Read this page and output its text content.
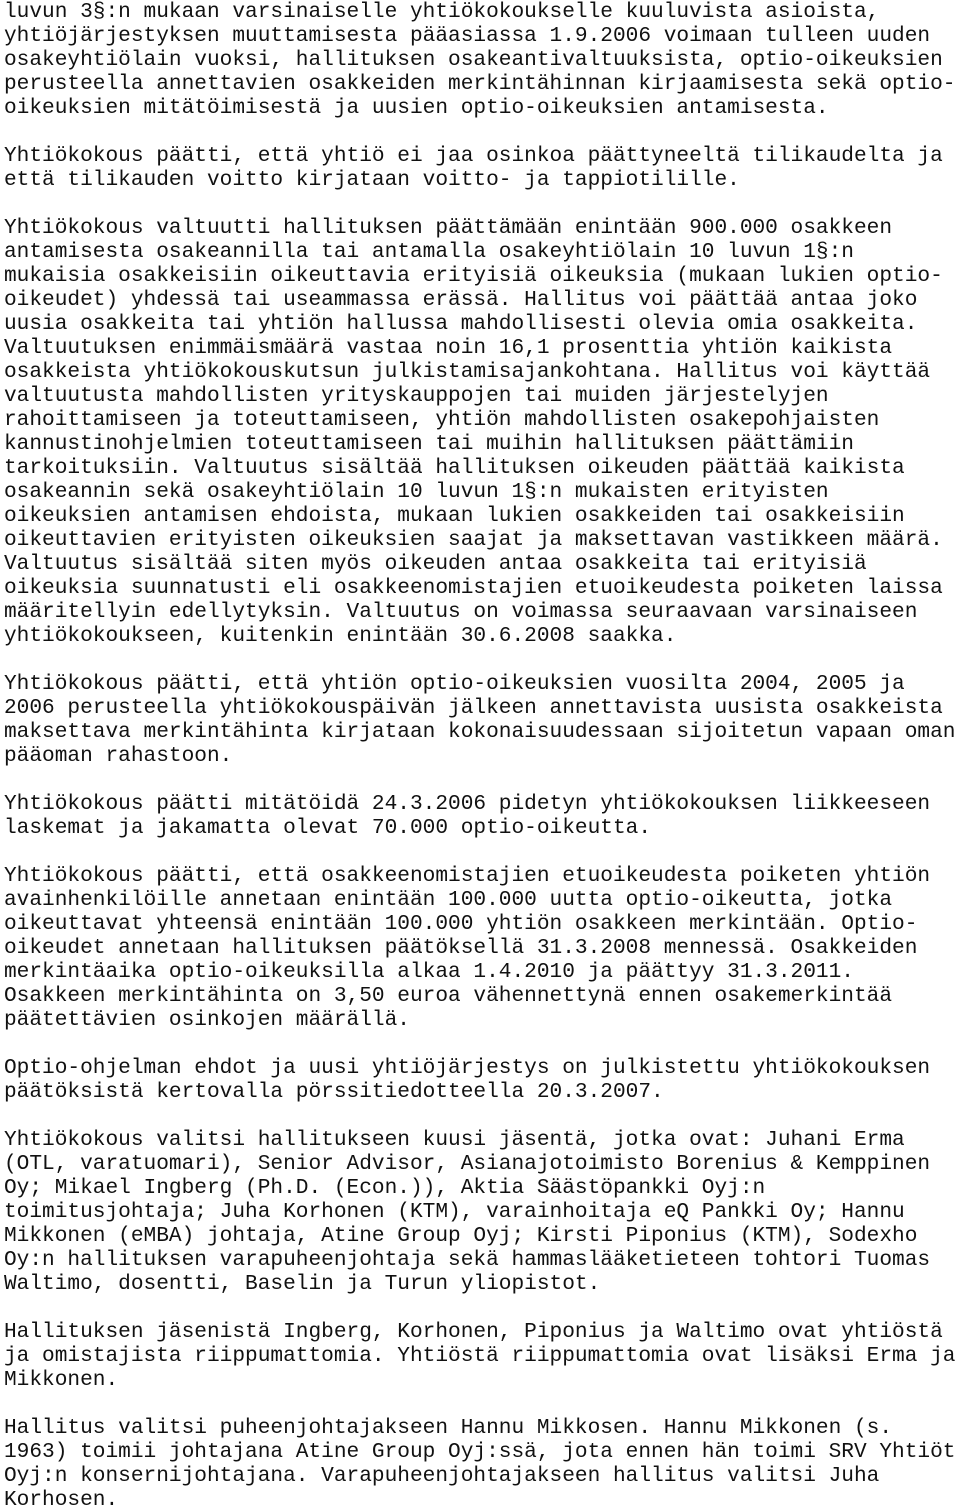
luvun 3§:n mukaan varsinaiselle yhtiökokoukselle kuuluvista asioista,
yhtiöjärjestyksen muuttamisesta pääasiassa 1.9.2006 voimaan tulleen uuden
osakeyhtiölain vuoksi, hallituksen osakeantivaltuuksista, optio-oikeuksien
perusteella annettavien osakkeiden merkintähinnan kirjaamisesta sekä optio-
oikeuksien mitätöimisestä ja uusien optio-oikeuksien antamisesta.
Yhtiökokous päätti, että yhtiö ei jaa osinkoa päättyneeltä tilikaudelta ja
että tilikauden voitto kirjataan voitto- ja tappiotilille.
Yhtiökokous valtuutti hallituksen päättämään enintään 900.000 osakkeen
antamisesta osakeannilla tai antamalla osakeyhtiölain 10 luvun 1§:n
mukaisia osakkeisiin oikeuttavia erityisiä oikeuksia (mukaan lukien optio-
oikeudet) yhdessä tai useammassa erässä. Hallitus voi päättää antaa joko
uusia osakkeita tai yhtiön hallussa mahdollisesti olevia omia osakkeita.
Valtuutuksen enimmäismäärä vastaa noin 16,1 prosenttia yhtiön kaikista
osakkeista yhtiökokouskutsun julkistamisajankohtana. Hallitus voi käyttää
valtuutusta mahdollisten yrityskauppojen tai muiden järjestelyjen
rahoittamiseen ja toteuttamiseen, yhtiön mahdollisten osakepohjaisten
kannustinohjelmien toteuttamiseen tai muihin hallituksen päättämiin
tarkoituksiin. Valtuutus sisältää hallituksen oikeuden päättää kaikista
osakeannin sekä osakeyhtiölain 10 luvun 1§:n mukaisten erityisten
oikeuksien antamisen ehdoista, mukaan lukien osakkeiden tai osakkeisiin
oikeuttavien erityisten oikeuksien saajat ja maksettavan vastikkeen määrä.
Valtuutus sisältää siten myös oikeuden antaa osakkeita tai erityisiä
oikeuksia suunnatusti eli osakkeenomistajien etuoikeudesta poiketen laissa
määritellyin edellytyksin. Valtuutus on voimassa seuraavaan varsinaiseen
yhtiökokoukseen, kuitenkin enintään 30.6.2008 saakka.
Yhtiökokous päätti, että yhtiön optio-oikeuksien vuosilta 2004, 2005 ja
2006 perusteella yhtiökokouspäivän jälkeen annettavista uusista osakkeista
maksettava merkintähinta kirjataan kokonaisuudessaan sijoitetun vapaan oman
pääoman rahastoon.
Yhtiökokous päätti mitätöidä 24.3.2006 pidetyn yhtiökokouksen liikkeeseen
laskemat ja jakamatta olevat 70.000 optio-oikeutta.
Yhtiökokous päätti, että osakkeenomistajien etuoikeudesta poiketen yhtiön
avainhenkilöille annetaan enintään 100.000 uutta optio-oikeutta, jotka
oikeuttavat yhteensä enintään 100.000 yhtiön osakkeen merkintään. Optio-
oikeudet annetaan hallituksen päätöksellä 31.3.2008 mennessä. Osakkeiden
merkintäaika optio-oikeuksilla alkaa 1.4.2010 ja päättyy 31.3.2011.
Osakkeen merkintähinta on 3,50 euroa vähennettynä ennen osakemerkintää
päätettävien osinkojen määrällä.
Optio-ohjelman ehdot ja uusi yhtiöjärjestys on julkistettu yhtiökokouksen
päätöksistä kertovalla pörssitiedotteella 20.3.2007.
Yhtiökokous valitsi hallitukseen kuusi jäsentä, jotka ovat: Juhani Erma
(OTL, varatuomari), Senior Advisor, Asianajotoimisto Borenius & Kemppinen
Oy; Mikael Ingberg (Ph.D. (Econ.)), Aktia Säästöpankki Oyj:n
toimitusjohtaja; Juha Korhonen (KTM), varainhoitaja eQ Pankki Oy; Hannu
Mikkonen (eMBA) johtaja, Atine Group Oyj; Kirsti Piponius (KTM), Sodexho
Oy:n hallituksen varapuheenjohtaja sekä hammaslääketieteen tohtori Tuomas
Waltimo, dosentti, Baselin ja Turun yliopistot.
Hallituksen jäsenistä Ingberg, Korhonen, Piponius ja Waltimo ovat yhtiöstä
ja omistajista riippumattomia. Yhtiöstä riippumattomia ovat lisäksi Erma ja
Mikkonen.
Hallitus valitsi puheenjohtajakseen Hannu Mikkosen. Hannu Mikkonen (s.
1963) toimii johtajana Atine Group Oyj:ssä, jota ennen hän toimi SRV Yhtiöt
Oyj:n konsernijohtajana. Varapuheenjohtajakseen hallitus valitsi Juha
Korhosen.
